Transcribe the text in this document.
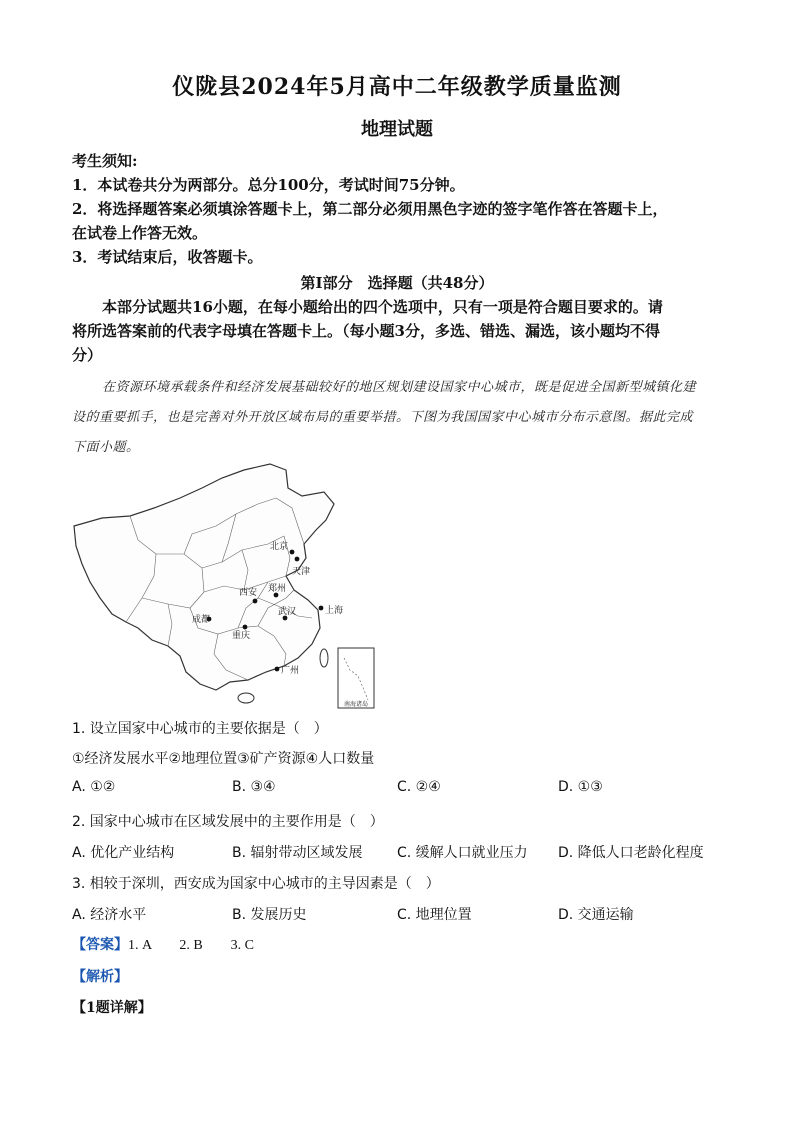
仪陇县2024年5月高中二年级教学质量监测
地理试题
考生须知:
1．本试卷共分为两部分。总分100分，考试时间75分钟。
2．将选择题答案必须填涂答题卡上，第二部分必须用黑色字迹的签字笔作答在答题卡上，
在试卷上作答无效。
3．考试结束后，收答题卡。
第Ⅰ部分　选择题（共48分）
本部分试题共16小题，在每小题给出的四个选项中，只有一项是符合题目要求的。请
将所选答案前的代表字母填在答题卡上。（每小题3分，多选、错选、漏选，该小题均不得
分）
在资源环境承载条件和经济发展基础较好的地区规划建设国家中心城市，既是促进全国新型城镇化建
设的重要抓手，也是完善对外开放区域布局的重要举措。下图为我国国家中心城市分布示意图。据此完成
下面小题。
南海诸岛
北京
天津
西安 郑州
武汉	上海
成都
重庆
广州
1. 设立国家中心城市的主要依据是（　）
①经济发展水平②地理位置③矿产资源④人口数量
A. ①②	B. ③④	C. ②④	D. ①③
2. 国家中心城市在区域发展中的主要作用是（　）
A. 优化产业结构	B. 辐射带动区域发展 C. 缓解人口就业压力 D. 降低人口老龄化程度
3. 相较于深圳，西安成为国家中心城市的主导因素是（　）
A. 经济水平	B. 发展历史	C. 地理位置	D. 交通运输
【答案】1. A　　2. B　　3. C
【解析】
【1题详解】
